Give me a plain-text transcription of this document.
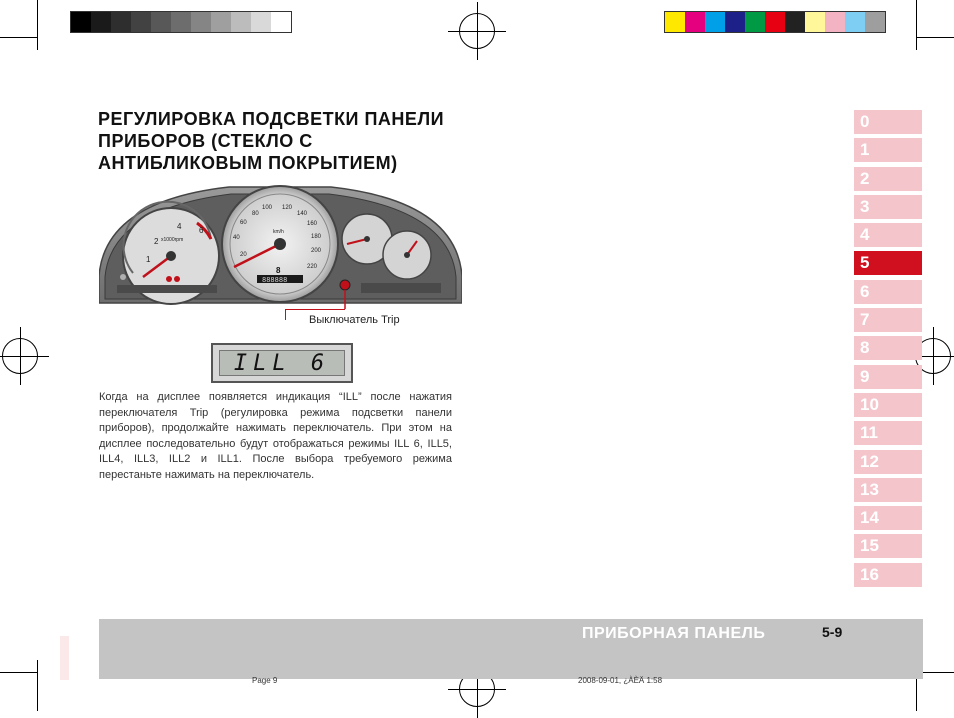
РЕГУЛИРОВКА ПОДСВЕТКИ ПАНЕЛИ ПРИБОРОВ (СТЕКЛО С АНТИБЛИКОВЫМ ПОКРЫТИЕМ)
1
2
4 6
x1000rpm
20
40
60
80
100 120
140
160
180
200
220
km/h
8
888888
Выключатель Trip
ILL 6
Когда на дисплее появляется индикация “ILL” после нажатия переключателя Trip (регулировка режима подсветки панели приборов), продолжайте нажимать переключатель. При этом на дисплее последовательно будут отображаться режимы ILL 6, ILL5, ILL4, ILL3, ILL2 и ILL1. После выбора требуемого режима перестаньте нажимать на переключатель.
0
1
2
3
4
5
6
7
8
9
10
11
12
13
14
15
16
ПРИБОРНАЯ ПАНЕЛЬ	5-9
Page 9	2008-09-01, ¿ÀÈÄ 1:58
